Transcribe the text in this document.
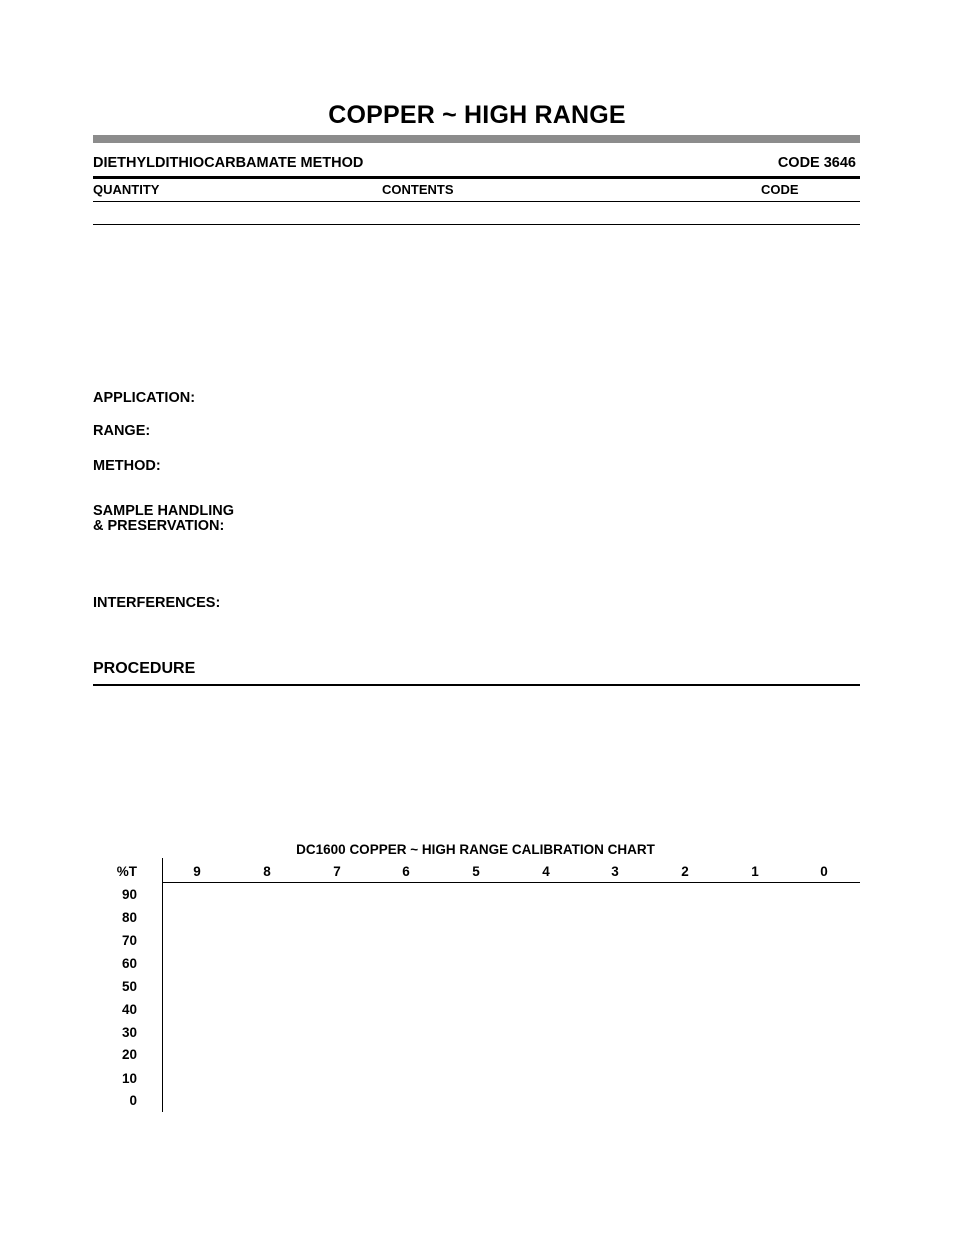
COPPER ~ HIGH RANGE
DIETHYLDITHIOCARBAMATE METHOD	CODE 3646
QUANTITY	CONTENTS	CODE
APPLICATION:
RANGE:
METHOD:
SAMPLE HANDLING
& PRESERVATION:
INTERFERENCES:
PROCEDURE
DC1600 COPPER ~ HIGH RANGE CALIBRATION CHART
%T	9	8	7	6	5	4	3	2	1	0
90
80
70
60
50
40
30
20
10
0
